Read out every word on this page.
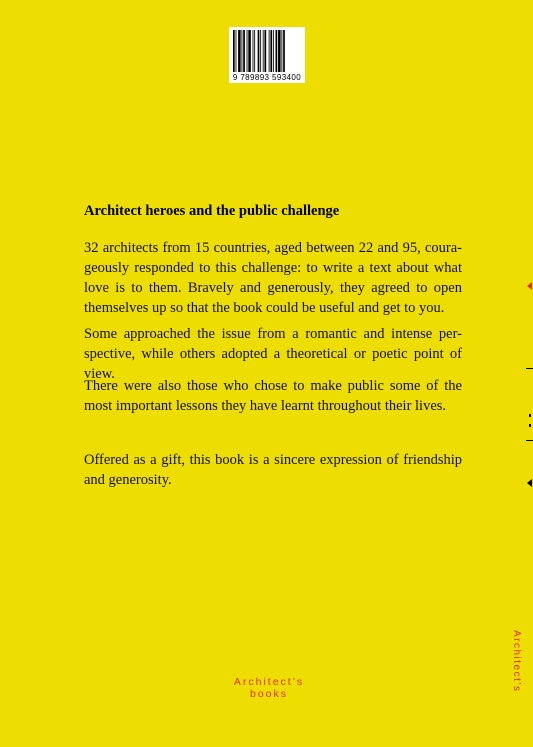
9 789893 593400
Architect heroes and the public challenge

32 architects from 15 countries, aged between 22 and 95, coura-geously responded to this challenge: to write a text about what love is to them. Bravely and generously, they agreed to open themselves up so that the book could be useful and get to you.

Some approached the issue from a romantic and intense per-spective, while others adopted a theoretical or poetic point of view.

There were also those who chose to make public some of the most important lessons they have learnt throughout their lives.

Offered as a gift, this book is a sincere expression of friendship and generosity.

Architect’s
books
Architect’s
